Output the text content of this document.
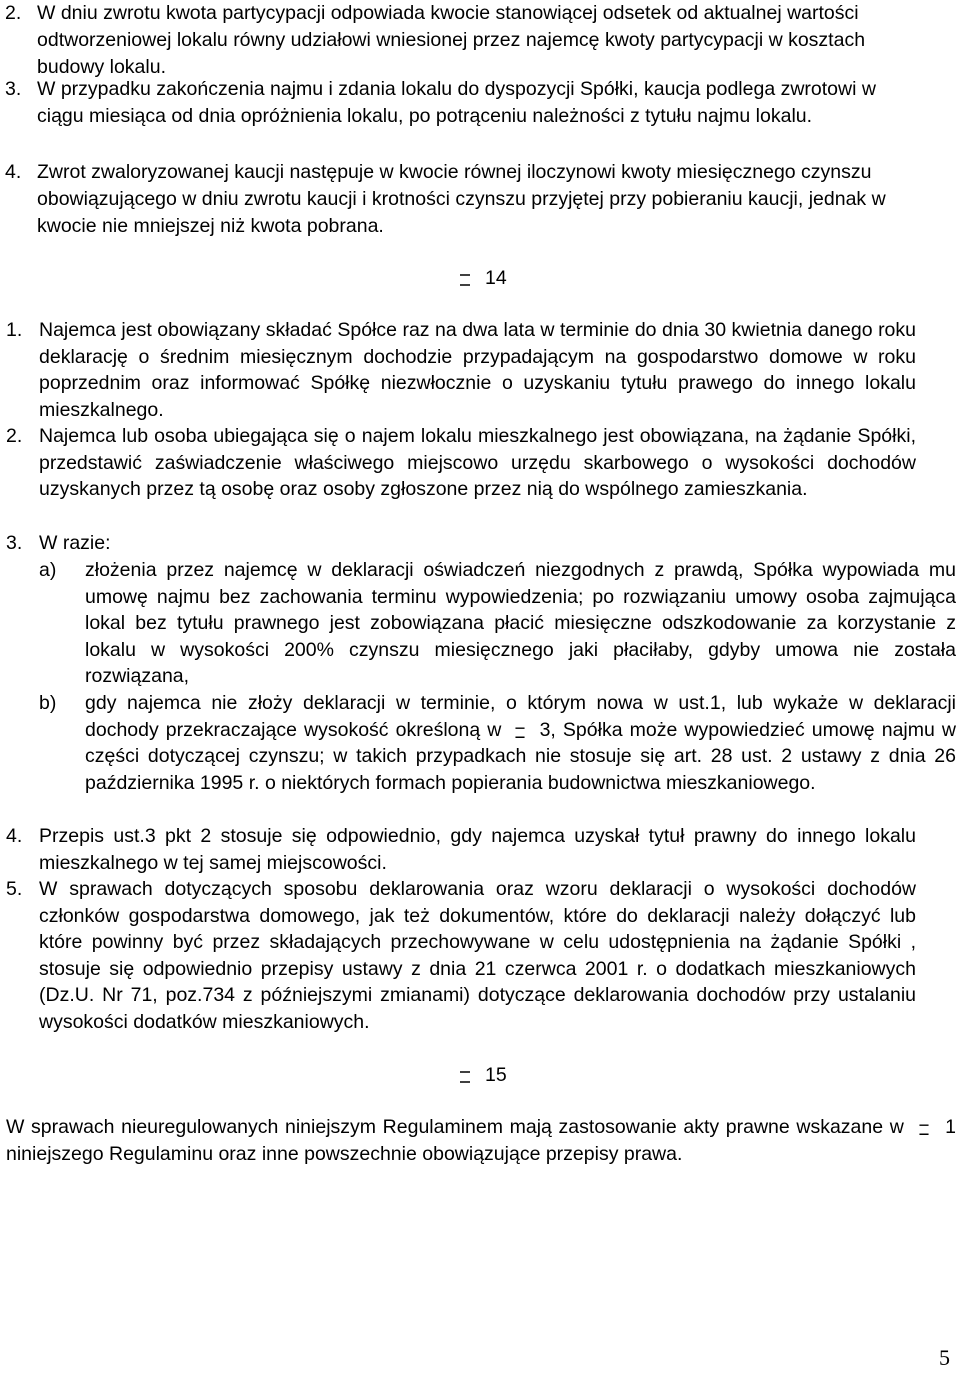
2. W dniu zwrotu kwota partycypacji odpowiada kwocie stanowiącej odsetek od aktualnej wartości odtworzeniowej lokalu równy udziałowi wniesionej przez najemcę kwoty partycypacji w kosztach budowy lokalu.
3. W przypadku zakończenia najmu i zdania lokalu do dyspozycji Spółki, kaucja podlega zwrotowi w ciągu miesiąca od dnia opróżnienia lokalu, po potrąceniu należności z tytułu najmu lokalu.
4. Zwrot zwaloryzowanej kaucji następuje w kwocie równej iloczynowi kwoty miesięcznego czynszu obowiązującego w dniu zwrotu kaucji i krotności czynszu przyjętej przy pobieraniu kaucji, jednak w kwocie nie mniejszej niż kwota pobrana.
14
1. Najemca jest obowiązany składać Spółce raz na dwa lata w terminie do dnia 30 kwietnia danego roku deklarację o średnim miesięcznym dochodzie przypadającym na gospodarstwo domowe w roku poprzednim oraz informować Spółkę niezwłocznie o uzyskaniu tytułu prawego do innego lokalu mieszkalnego.
2. Najemca lub osoba ubiegająca się o najem lokalu mieszkalnego jest obowiązana, na żądanie Spółki, przedstawić zaświadczenie właściwego miejscowo urzędu skarbowego o wysokości dochodów uzyskanych przez tą osobę oraz osoby zgłoszone przez nią do wspólnego zamieszkania.
3. W razie:
a) złożenia przez najemcę w deklaracji oświadczeń niezgodnych z prawdą, Spółka wypowiada mu umowę najmu bez zachowania terminu wypowiedzenia; po rozwiązaniu umowy osoba zajmująca lokal bez tytułu prawnego jest zobowiązana płacić miesięczne odszkodowanie za korzystanie z lokalu w wysokości 200% czynszu miesięcznego jaki płaciłaby, gdyby umowa nie została rozwiązana,
b) gdy najemca nie złoży deklaracji w terminie, o którym nowa w ust.1, lub wykaże w deklaracji dochody przekraczające wysokość określoną w 3, Spółka może wypowiedzieć umowę najmu w części dotyczącej czynszu; w takich przypadkach nie stosuje się art. 28 ust. 2 ustawy z dnia 26 października 1995 r. o niektórych formach popierania budownictwa mieszkaniowego.
4. Przepis ust.3 pkt 2 stosuje się odpowiednio, gdy najemca uzyskał tytuł prawny do innego lokalu mieszkalnego w tej samej miejscowości.
5. W sprawach dotyczących sposobu deklarowania oraz wzoru deklaracji o wysokości dochodów członków gospodarstwa domowego, jak też dokumentów, które do deklaracji należy dołączyć lub które powinny być przez składających przechowywane w celu udostępnienia na żądanie Spółki , stosuje się odpowiednio przepisy ustawy z dnia 21 czerwca 2001 r. o dodatkach mieszkaniowych (Dz.U. Nr 71, poz.734 z późniejszymi zmianami) dotyczące deklarowania dochodów przy ustalaniu wysokości dodatków mieszkaniowych.
15
W sprawach nieuregulowanych niniejszym Regulaminem mają zastosowanie akty prawne wskazane w 1 niniejszego Regulaminu oraz inne powszechnie obowiązujące przepisy prawa.
5
